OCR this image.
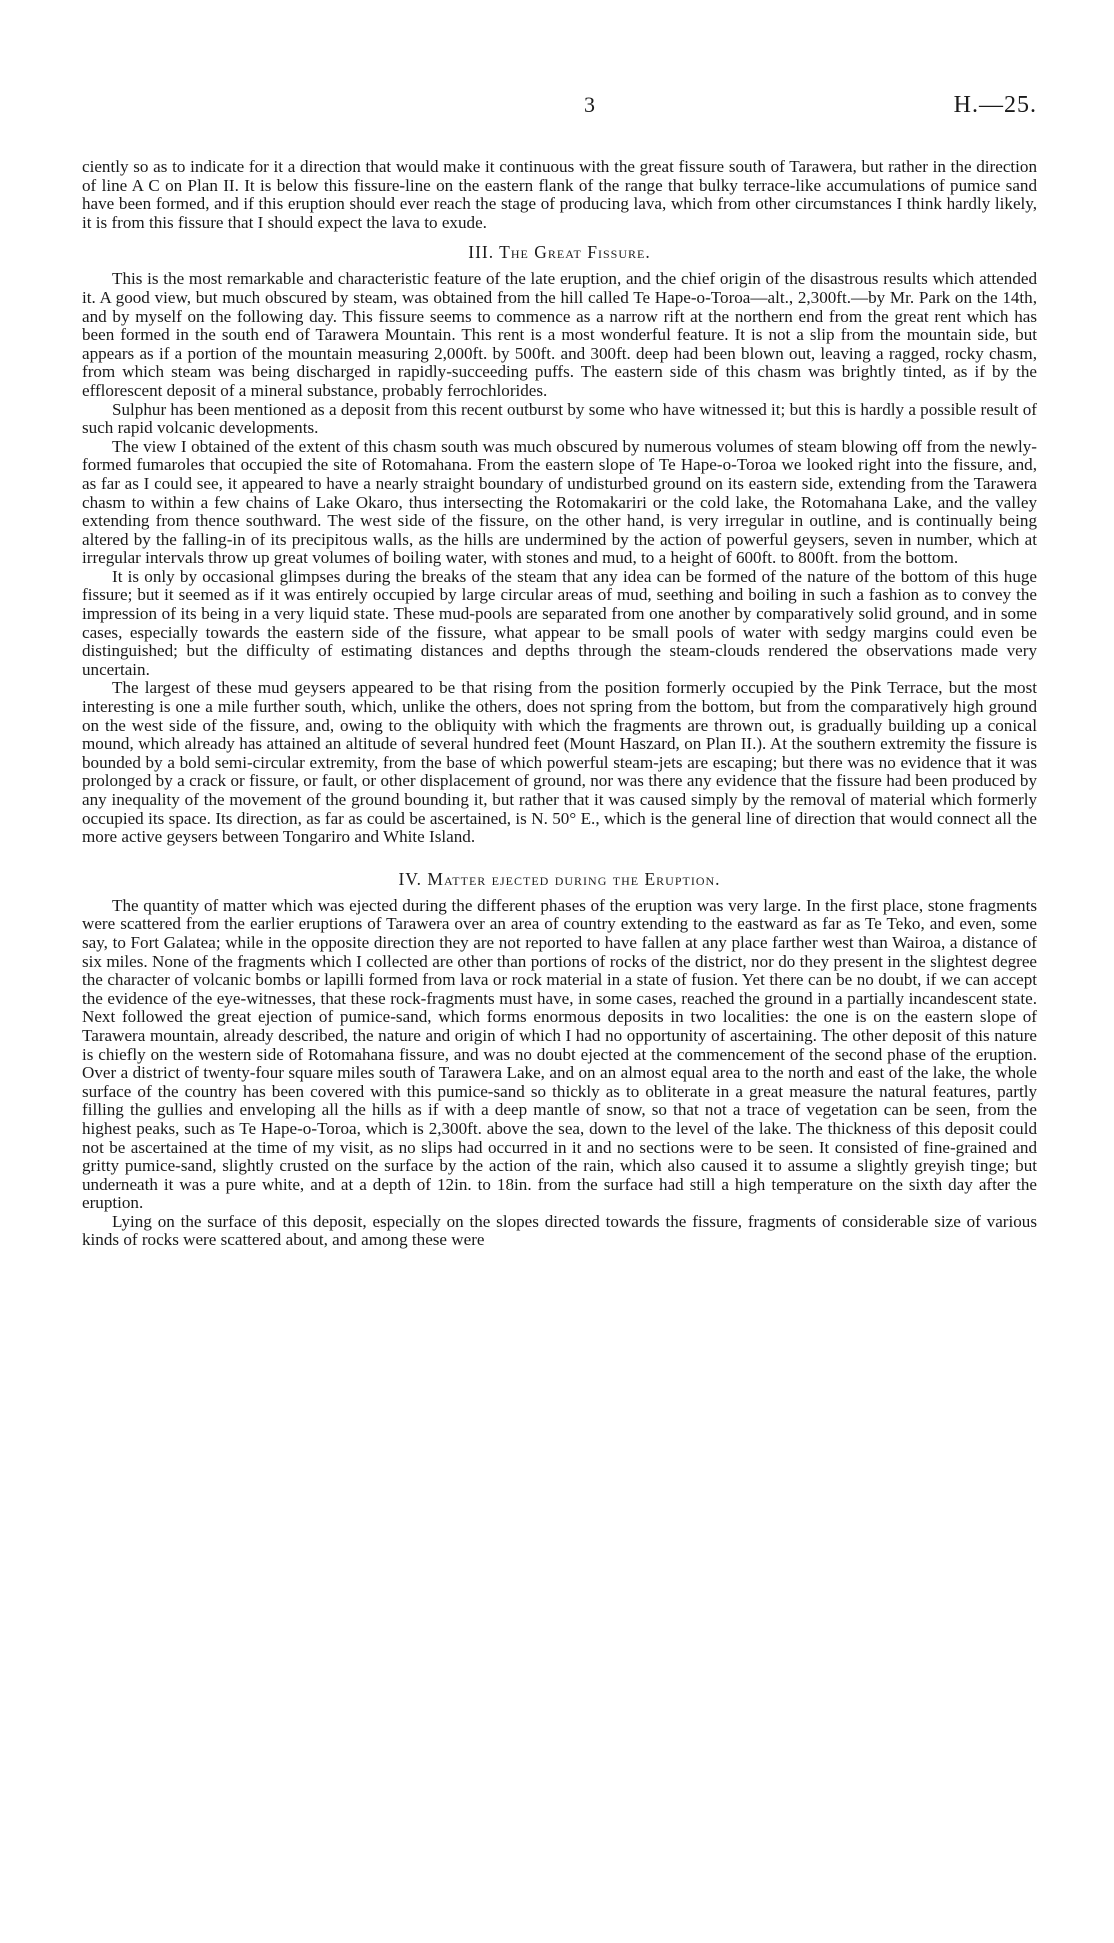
3	H.—25.

ciently so as to indicate for it a direction that would make it continuous with the great fissure south of Tarawera, but rather in the direction of line A C on Plan II. It is below this fissure-line on the eastern flank of the range that bulky terrace-like accumulations of pumice sand have been formed, and if this eruption should ever reach the stage of producing lava, which from other circumstances I think hardly likely, it is from this fissure that I should expect the lava to exude.

III. The Great Fissure.

This is the most remarkable and characteristic feature of the late eruption, and the chief origin of the disastrous results which attended it. A good view, but much obscured by steam, was obtained from the hill called Te Hape-o-Toroa—alt., 2,300ft.—by Mr. Park on the 14th, and by myself on the following day. This fissure seems to commence as a narrow rift at the northern end from the great rent which has been formed in the south end of Tarawera Mountain. This rent is a most wonderful feature. It is not a slip from the mountain side, but appears as if a portion of the mountain measuring 2,000ft. by 500ft. and 300ft. deep had been blown out, leaving a ragged, rocky chasm, from which steam was being discharged in rapidly-succeeding puffs. The eastern side of this chasm was brightly tinted, as if by the efflorescent deposit of a mineral substance, probably ferrochlorides.

Sulphur has been mentioned as a deposit from this recent outburst by some who have witnessed it; but this is hardly a possible result of such rapid volcanic developments.

The view I obtained of the extent of this chasm south was much obscured by numerous volumes of steam blowing off from the newly-formed fumaroles that occupied the site of Rotomahana. From the eastern slope of Te Hape-o-Toroa we looked right into the fissure, and, as far as I could see, it appeared to have a nearly straight boundary of undisturbed ground on its eastern side, extending from the Tarawera chasm to within a few chains of Lake Okaro, thus intersecting the Rotomakariri or the cold lake, the Rotomahana Lake, and the valley extending from thence southward. The west side of the fissure, on the other hand, is very irregular in outline, and is continually being altered by the falling-in of its precipitous walls, as the hills are undermined by the action of powerful geysers, seven in number, which at irregular intervals throw up great volumes of boiling water, with stones and mud, to a height of 600ft. to 800ft. from the bottom.

It is only by occasional glimpses during the breaks of the steam that any idea can be formed of the nature of the bottom of this huge fissure; but it seemed as if it was entirely occupied by large circular areas of mud, seething and boiling in such a fashion as to convey the impression of its being in a very liquid state. These mud-pools are separated from one another by comparatively solid ground, and in some cases, especially towards the eastern side of the fissure, what appear to be small pools of water with sedgy margins could even be distinguished; but the difficulty of estimating distances and depths through the steam-clouds rendered the observations made very uncertain.

The largest of these mud geysers appeared to be that rising from the position formerly occupied by the Pink Terrace, but the most interesting is one a mile further south, which, unlike the others, does not spring from the bottom, but from the comparatively high ground on the west side of the fissure, and, owing to the obliquity with which the fragments are thrown out, is gradually building up a conical mound, which already has attained an altitude of several hundred feet (Mount Haszard, on Plan II.). At the southern extremity the fissure is bounded by a bold semi-circular extremity, from the base of which powerful steam-jets are escaping; but there was no evidence that it was prolonged by a crack or fissure, or fault, or other displacement of ground, nor was there any evidence that the fissure had been produced by any inequality of the movement of the ground bounding it, but rather that it was caused simply by the removal of material which formerly occupied its space. Its direction, as far as could be ascertained, is N. 50° E., which is the general line of direction that would connect all the more active geysers between Tongariro and White Island.

IV. Matter ejected during the Eruption.

The quantity of matter which was ejected during the different phases of the eruption was very large. In the first place, stone fragments were scattered from the earlier eruptions of Tarawera over an area of country extending to the eastward as far as Te Teko, and even, some say, to Fort Galatea; while in the opposite direction they are not reported to have fallen at any place farther west than Wairoa, a distance of six miles. None of the fragments which I collected are other than portions of rocks of the district, nor do they present in the slightest degree the character of volcanic bombs or lapilli formed from lava or rock material in a state of fusion. Yet there can be no doubt, if we can accept the evidence of the eye-witnesses, that these rock-fragments must have, in some cases, reached the ground in a partially incandescent state. Next followed the great ejection of pumice-sand, which forms enormous deposits in two localities: the one is on the eastern slope of Tarawera mountain, already described, the nature and origin of which I had no opportunity of ascertaining. The other deposit of this nature is chiefly on the western side of Rotomahana fissure, and was no doubt ejected at the commencement of the second phase of the eruption. Over a district of twenty-four square miles south of Tarawera Lake, and on an almost equal area to the north and east of the lake, the whole surface of the country has been covered with this pumice-sand so thickly as to obliterate in a great measure the natural features, partly filling the gullies and enveloping all the hills as if with a deep mantle of snow, so that not a trace of vegetation can be seen, from the highest peaks, such as Te Hape-o-Toroa, which is 2,300ft. above the sea, down to the level of the lake. The thickness of this deposit could not be ascertained at the time of my visit, as no slips had occurred in it and no sections were to be seen. It consisted of fine-grained and gritty pumice-sand, slightly crusted on the surface by the action of the rain, which also caused it to assume a slightly greyish tinge; but underneath it was a pure white, and at a depth of 12in. to 18in. from the surface had still a high temperature on the sixth day after the eruption.

Lying on the surface of this deposit, especially on the slopes directed towards the fissure, fragments of considerable size of various kinds of rocks were scattered about, and among these were
